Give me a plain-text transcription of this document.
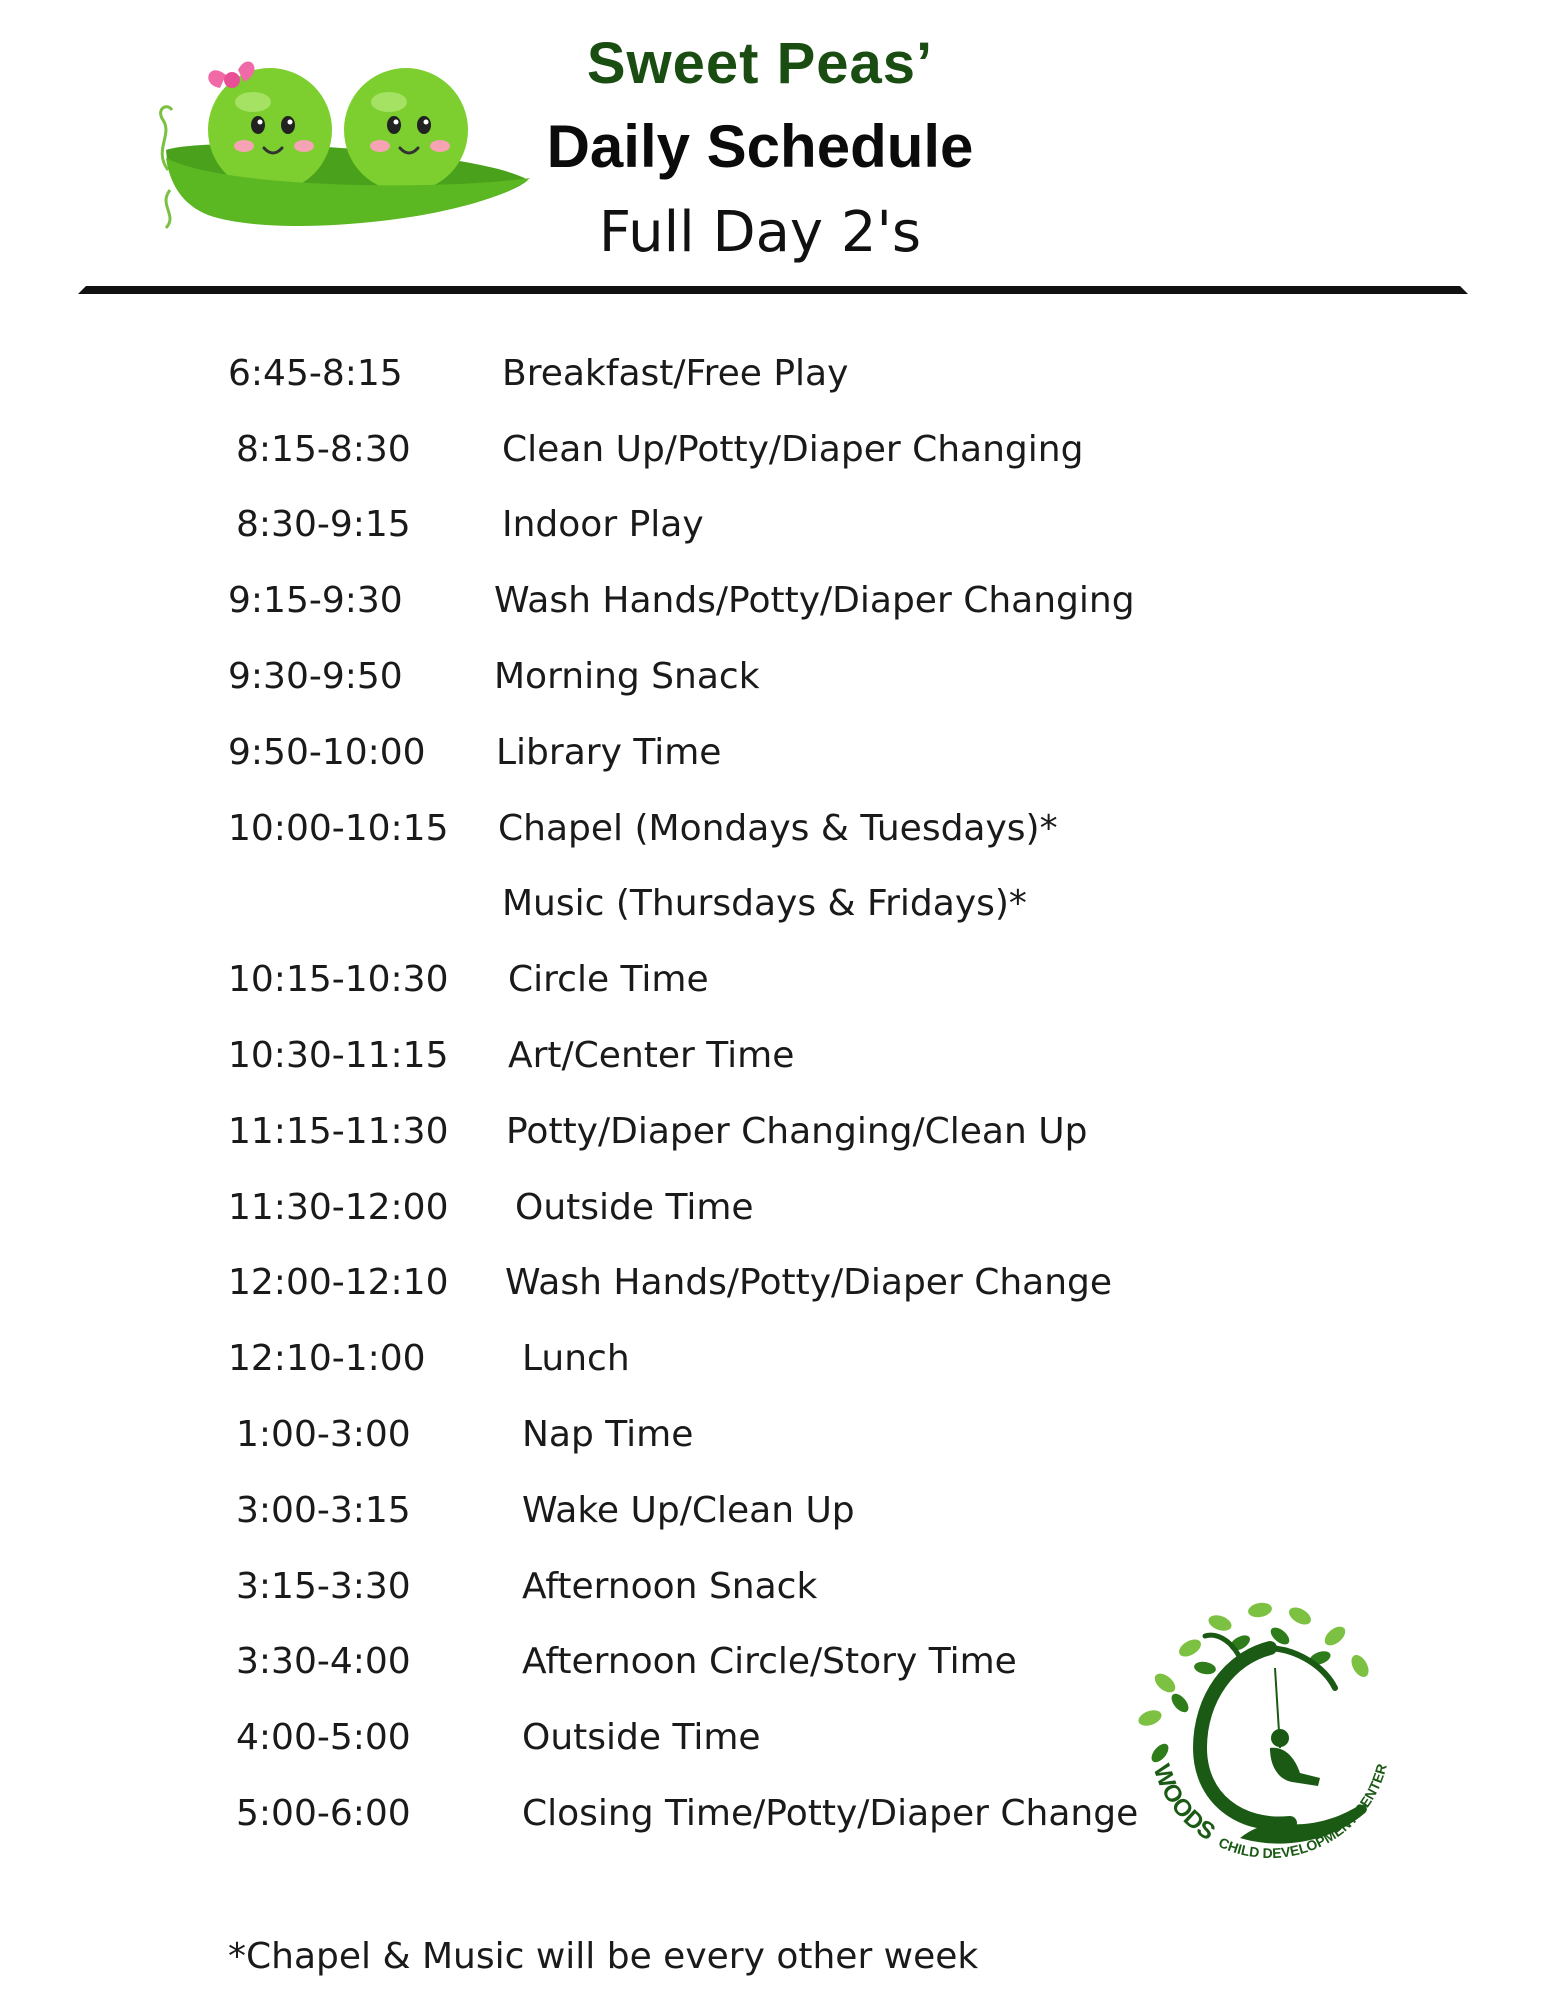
Sweet Peas’
Daily Schedule
Full Day 2's
6:45-8:15	Breakfast/Free Play
8:15-8:30	Clean Up/Potty/Diaper Changing
8:30-9:15	Indoor Play
9:15-9:30	Wash Hands/Potty/Diaper Changing
9:30-9:50	Morning Snack
9:50-10:00 Library Time
10:00-10:15 Chapel (Mondays & Tuesdays)*
Music (Thursdays & Fridays)*
10:15-10:30 Circle Time
10:30-11:15 Art/Center Time
11:15-11:30 Potty/Diaper Changing/Clean Up
11:30-12:00 Outside Time
12:00-12:10 Wash Hands/Potty/Diaper Change
12:10-1:00	Lunch
1:00-3:00	Nap Time
3:00-3:15	Wake Up/Clean Up
3:15-3:30	Afternoon Snack
3:30-4:00	Afternoon Circle/Story Time
4:00-5:00	Outside Time
5:00-6:00	Closing Time/Potty/Diaper Change
WOODS CHILD DEVELOPMENT CENTER
*Chapel & Music will be every other week
